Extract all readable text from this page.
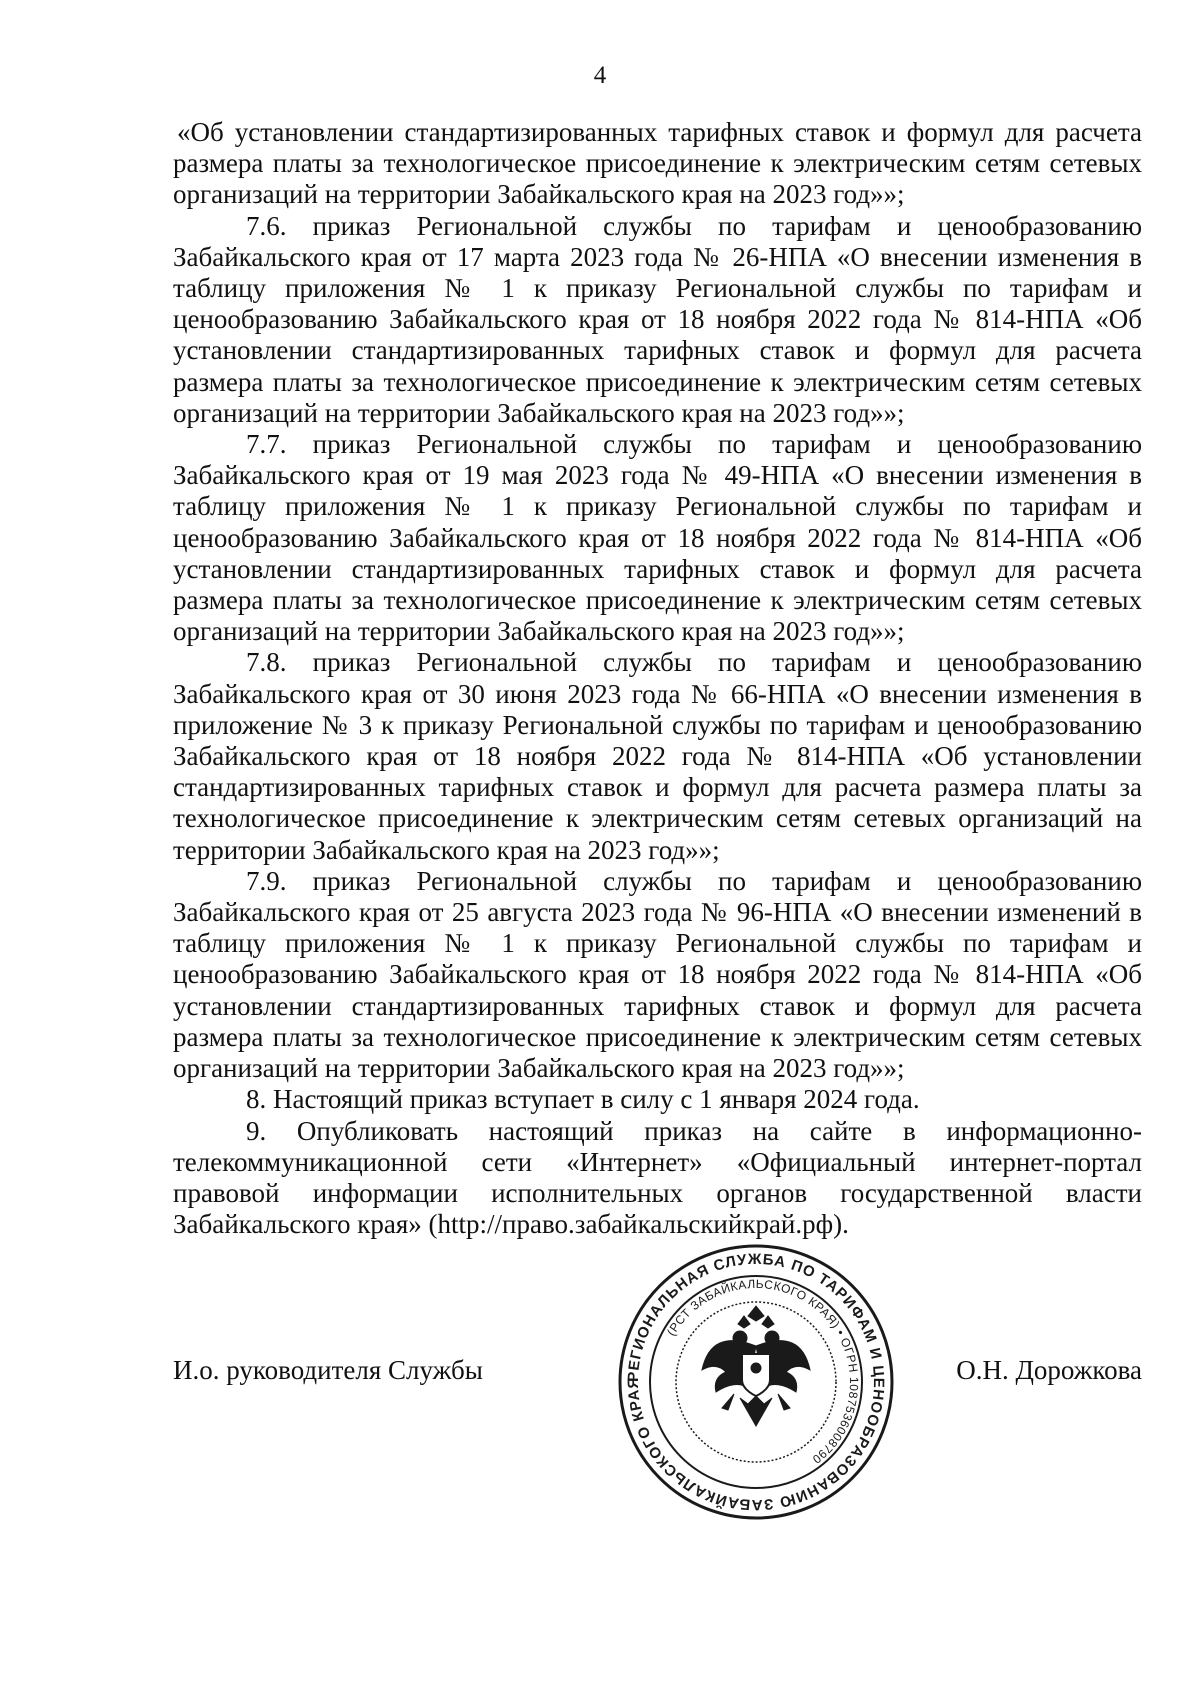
4

«Об установлении стандартизированных тарифных ставок и формул для расчета размера платы за технологическое присоединение к электрическим сетям сетевых организаций на территории Забайкальского края на 2023 год»»;

7.6. приказ Региональной службы по тарифам и ценообразованию Забайкальского края от 17 марта 2023 года № 26-НПА «О внесении изменения в таблицу приложения № 1 к приказу Региональной службы по тарифам и ценообразованию Забайкальского края от 18 ноября 2022 года № 814-НПА «Об установлении стандартизированных тарифных ставок и формул для расчета размера платы за технологическое присоединение к электрическим сетям сетевых организаций на территории Забайкальского края на 2023 год»»;

7.7. приказ Региональной службы по тарифам и ценообразованию Забайкальского края от 19 мая 2023 года № 49-НПА «О внесении изменения в таблицу приложения № 1 к приказу Региональной службы по тарифам и ценообразованию Забайкальского края от 18 ноября 2022 года № 814-НПА «Об установлении стандартизированных тарифных ставок и формул для расчета размера платы за технологическое присоединение к электрическим сетям сетевых организаций на территории Забайкальского края на 2023 год»»;

7.8. приказ Региональной службы по тарифам и ценообразованию Забайкальского края от 30 июня 2023 года № 66-НПА «О внесении изменения в приложение № 3 к приказу Региональной службы по тарифам и ценообразованию Забайкальского края от 18 ноября 2022 года № 814-НПА «Об установлении стандартизированных тарифных ставок и формул для расчета размера платы за технологическое присоединение к электрическим сетям сетевых организаций на территории Забайкальского края на 2023 год»»;

7.9. приказ Региональной службы по тарифам и ценообразованию Забайкальского края от 25 августа 2023 года № 96-НПА «О внесении изменений в таблицу приложения № 1 к приказу Региональной службы по тарифам и ценообразованию Забайкальского края от 18 ноября 2022 года № 814-НПА «Об установлении стандартизированных тарифных ставок и формул для расчета размера платы за технологическое присоединение к электрическим сетям сетевых организаций на территории Забайкальского края на 2023 год»»;

8. Настоящий приказ вступает в силу с 1 января 2024 года.

9. Опубликовать настоящий приказ на сайте в информационно-телекоммуникационной сети «Интернет» «Официальный интернет-портал правовой информации исполнительных органов государственной власти Забайкальского края» (http://право.забайкальскийкрай.рф).

И.о. руководителя Службы	О.Н. Дорожкова
РЕГИОНАЛЬНАЯ СЛУЖБА ПО ТАРИФАМ И ЦЕНООБРАЗОВАНИЮ ЗАБАЙКАЛЬСКОГО КРАЯ
(РСТ ЗАБАЙКАЛЬСКОГО КРАЯ) • ОГРН 1087536008790
